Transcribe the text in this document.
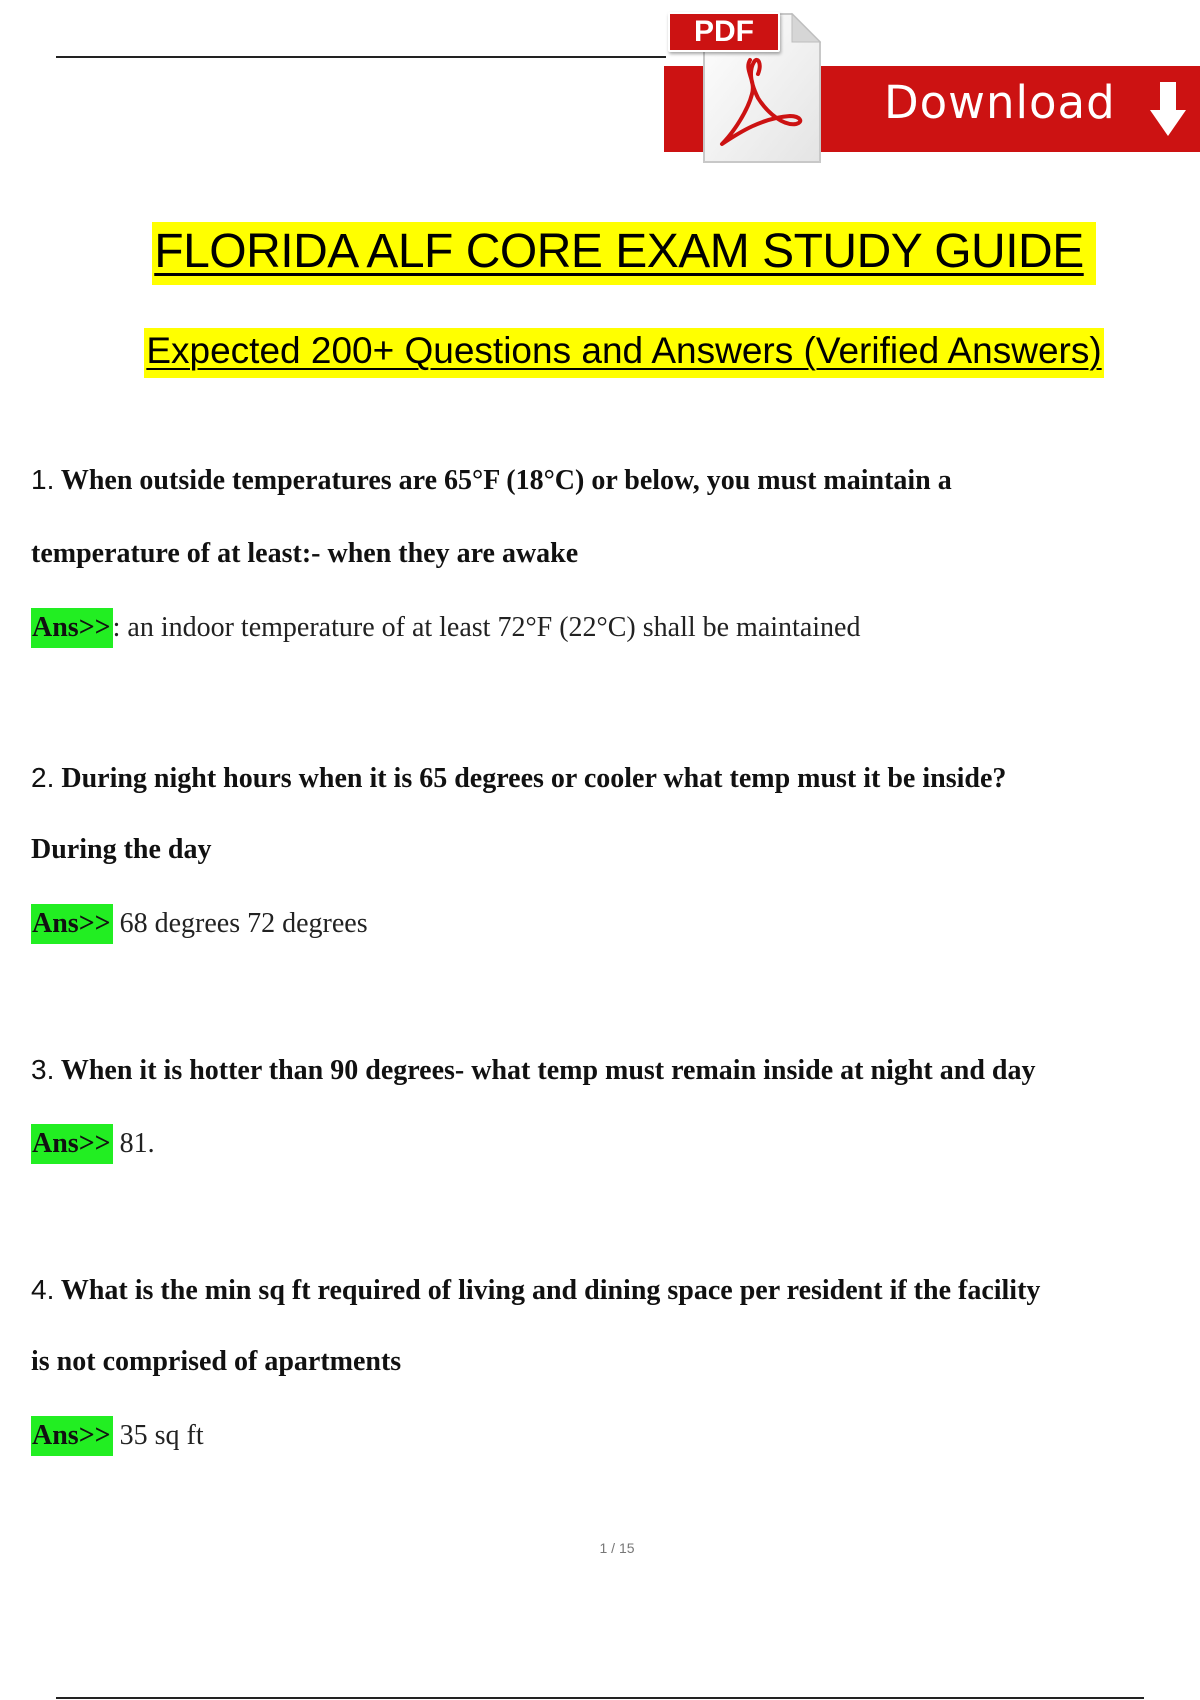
Download
PDF
FLORIDA ALF CORE EXAM STUDY GUIDE
Expected 200+ Questions and Answers (Verified Answers)
1. When outside temperatures are 65°F (18°C) or below, you must maintain a
temperature of at least:- when they are awake
Ans>>: an indoor temperature of at least 72°F (22°C) shall be maintained
2. During night hours when it is 65 degrees or cooler what temp must it be inside?
During the day
Ans>> 68 degrees 72 degrees
3. When it is hotter than 90 degrees- what temp must remain inside at night and day
Ans>> 81.
4. What is the min sq ft required of living and dining space per resident if the facility
is not comprised of apartments
Ans>> 35 sq ft
1 / 15
